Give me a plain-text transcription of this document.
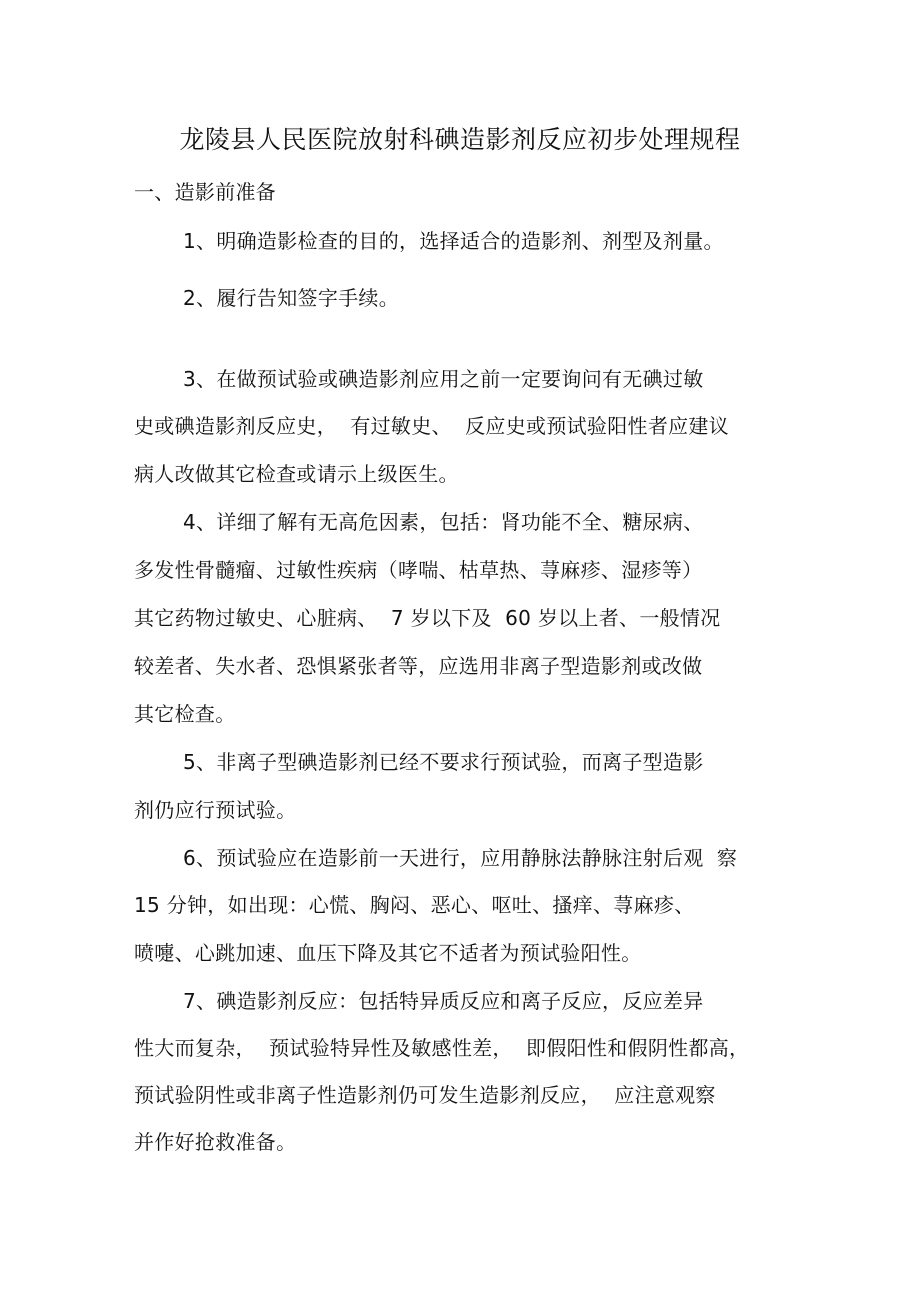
龙陵县人民医院放射科碘造影剂反应初步处理规程
一、造影前准备
1、明确造影检查的目的，选择适合的造影剂、剂型及剂量。
2、履行告知签字手续。
3、在做预试验或碘造影剂应用之前一定要询问有无碘过敏
史或碘造影剂反应史，  有过敏史、  反应史或预试验阳性者应建议
病人改做其它检查或请示上级医生。
4、详细了解有无高危因素，包括：肾功能不全、糖尿病、
多发性骨髓瘤、过敏性疾病（哮喘、枯草热、荨麻疹、湿疹等）
其它药物过敏史、心脏病、  7 岁以下及  60 岁以上者、一般情况
较差者、失水者、恐惧紧张者等，应选用非离子型造影剂或改做
其它检查。
5、非离子型碘造影剂已经不要求行预试验，而离子型造影
剂仍应行预试验。
6、预试验应在造影前一天进行，应用静脉法静脉注射后观  察
15 分钟，如出现：心慌、胸闷、恶心、呕吐、搔痒、荨麻疹、
喷嚏、心跳加速、血压下降及其它不适者为预试验阳性。
7、碘造影剂反应：包括特异质反应和离子反应，反应差异
性大而复杂，  预试验特异性及敏感性差，  即假阳性和假阴性都高，
预试验阴性或非离子性造影剂仍可发生造影剂反应，  应注意观察
并作好抢救准备。
